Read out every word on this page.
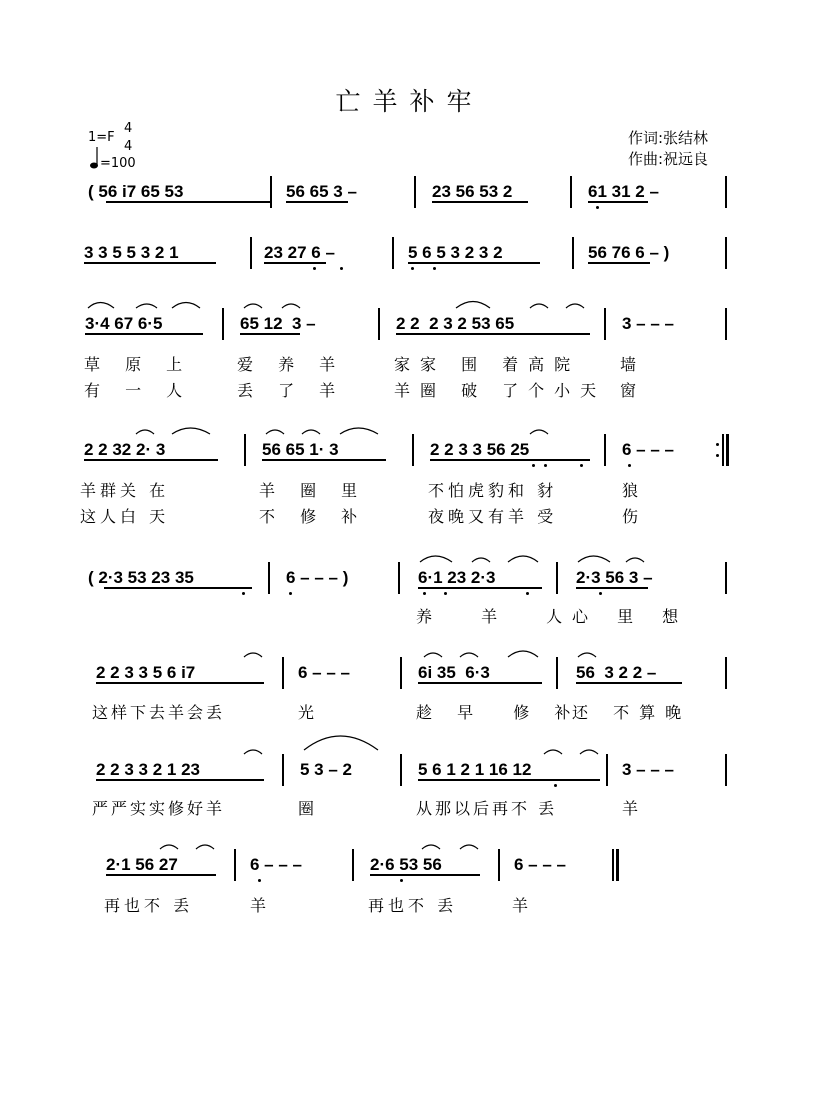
亡羊补牢
1=F
4
4
=100
作词:张结林
作曲:祝远良
( 56 i7 65 53	56 65 3 –	23 56 53 2	61 31 2 –
3 3 5 5 3 2 1	23 27 6 –	5 6 5 3 2 3 2	56 76 6 – )
3·4 67 6·5	65 12  3 –	2 2  2 3 2 53 65	3 – – –
草 原 上	爱 养 羊	家家 围 着高院 墙
有 一 人	丢 了 羊	羊圈 破 了个小天 窗
2 2 32 2· 3	56 65 1· 3	2 2 3 3 56 25	6 – – –
羊群关 在	羊 圈 里	不怕虎豹和 豺	狼
这人白 天	不 修 补	夜晚又有羊 受	伤
( 2·3 53 23 35	6 – – – )	6·1 23 2·3	2·3 56 3 –
养 羊 人
心 里 想
2 2 3 3 5 6 i7	6 – – –	6i 35  6·3	56  3 2 2 –
这样下去羊会丢	光	趁 早  修 补
还 不算晚
2 2 3 3 2 1 23	5 3 – 2	5 6 1 2 1 16 12	3 – – –
严严实实修好羊	圈	从那以后再不 丢	羊
2·1 56 27	6 – – –	2·6 53 56	6 – – –
再也不 丢	羊	再也不 丢	羊
